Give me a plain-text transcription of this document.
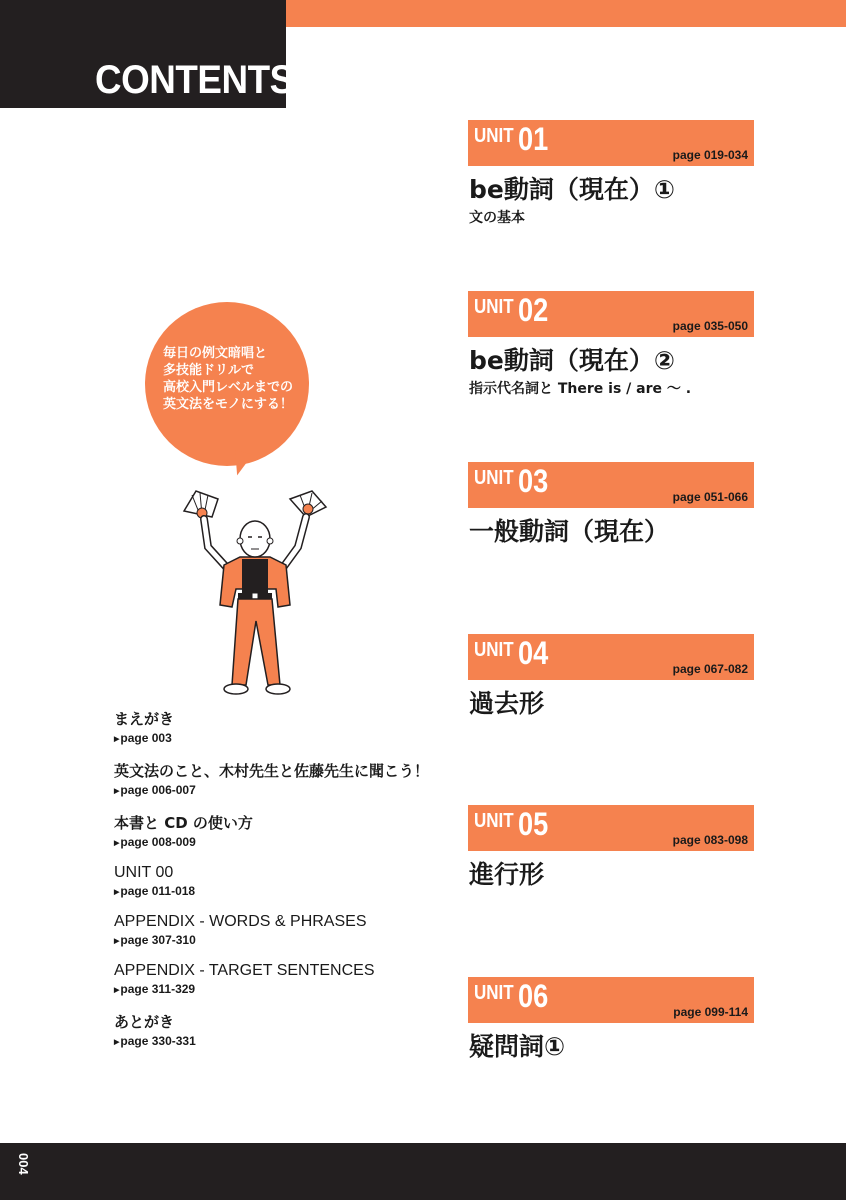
CONTENTS
UNIT 01	page 019-034
be動詞（現在）①
文の基本
UNIT 02	page 035-050
be動詞（現在）②
指示代名詞と There is / are ～ .
UNIT 03	page 051-066
一般動詞（現在）
UNIT 04	page 067-082
過去形
UNIT 05	page 083-098
進行形
UNIT 06	page 099-114
疑問詞①
毎日の例文暗唱と
多技能ドリルで
高校入門レベルまでの
英文法をモノにする！
まえがき
▶page 003
英文法のこと、木村先生と佐藤先生に聞こう！
▶page 006-007
本書と CD の使い方
▶page 008-009
UNIT 00
▶page 011-018
APPENDIX - WORDS & PHRASES
▶page 307-310
APPENDIX - TARGET SENTENCES
▶page 311-329
あとがき
▶page 330-331
004
